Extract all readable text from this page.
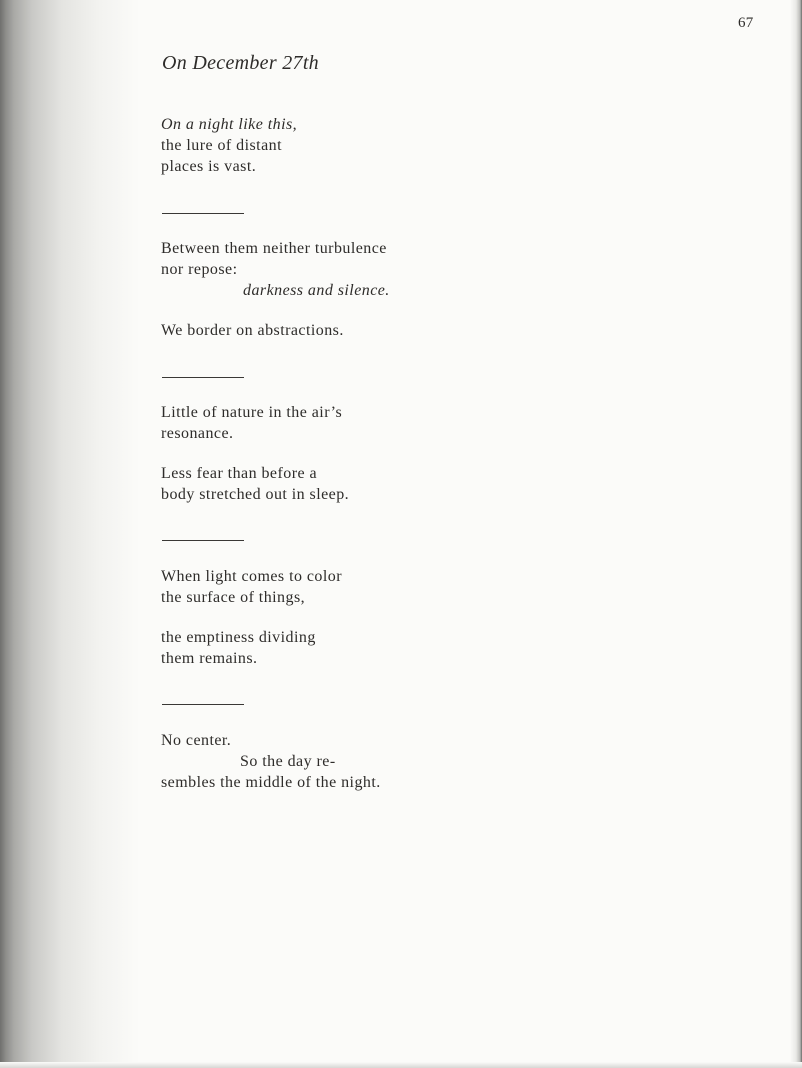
67
On December 27th
On a night like this,
the lure of distant
places is vast.
Between them neither turbulence
nor repose:
darkness and silence.
We border on abstractions.
Little of nature in the air’s
resonance.
Less fear than before a
body stretched out in sleep.
When light comes to color
the surface of things,
the emptiness dividing
them remains.
No center.
So the day re-
sembles the middle of the night.
